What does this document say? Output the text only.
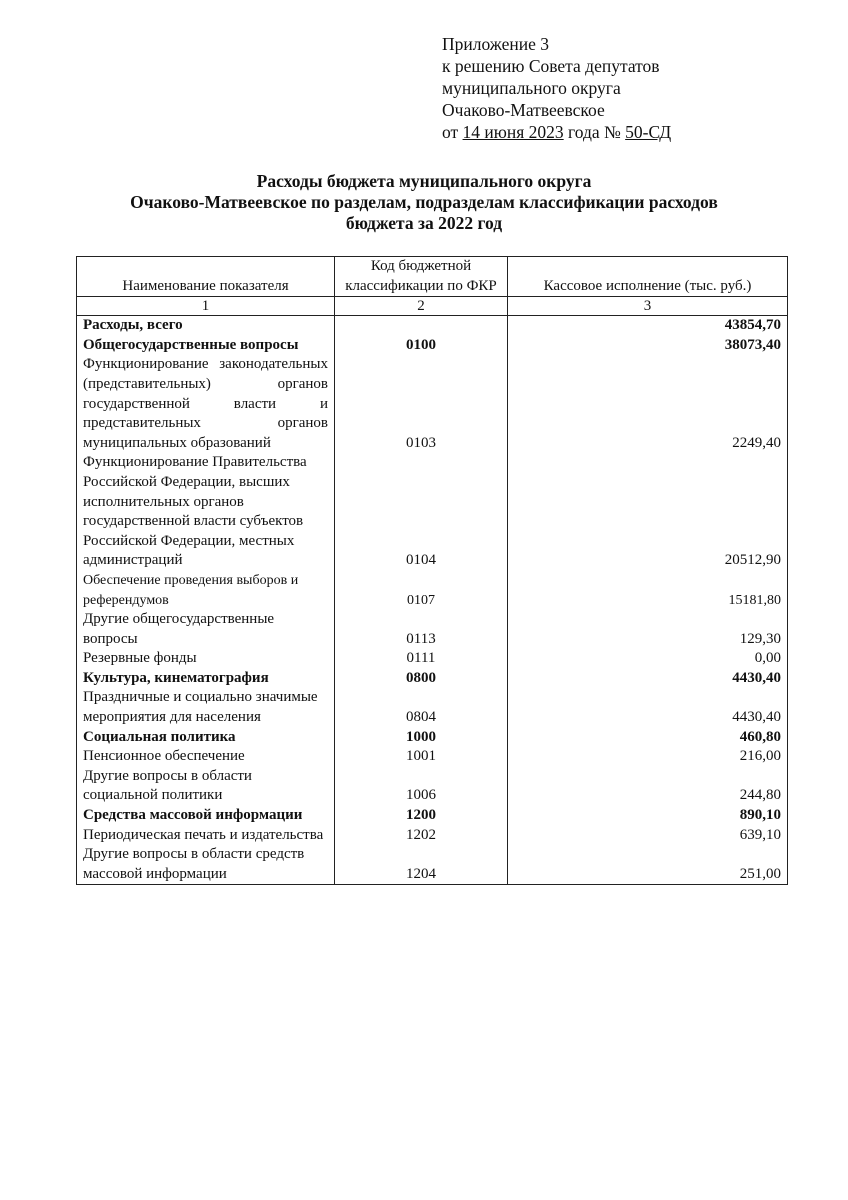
Приложение 3
к решению Совета депутатов
муниципального округа
Очаково-Матвеевское
от 14 июня 2023 года № 50-СД
Расходы бюджета муниципального округа
Очаково-Матвеевское по разделам, подразделам классификации расходов
бюджета за 2022 год
Наименование показателя	Код бюджетной классификации по ФКР	Кассовое исполнение (тыс. руб.)
1	2	3
Расходы, всего		43854,70
Общегосударственные вопросы	0100	38073,40
Функционирование законодательных (представительных) органов государственной власти и представительных органов муниципальных образований	0103	2249,40
Функционирование Правительства Российской Федерации, высших исполнительных органов государственной власти субъектов Российской Федерации, местных администраций	0104	20512,90
Обеспечение проведения выборов и референдумов	0107	15181,80
Другие общегосударственные вопросы	0113	129,30
Резервные фонды	0111	0,00
Культура, кинематография	0800	4430,40
Праздничные и социально значимые мероприятия для населения	0804	4430,40
Социальная политика	1000	460,80
Пенсионное обеспечение	1001	216,00
Другие вопросы в области социальной политики	1006	244,80
Средства массовой информации	1200	890,10
Периодическая печать и издательства	1202	639,10
Другие вопросы в области средств массовой информации	1204	251,00
